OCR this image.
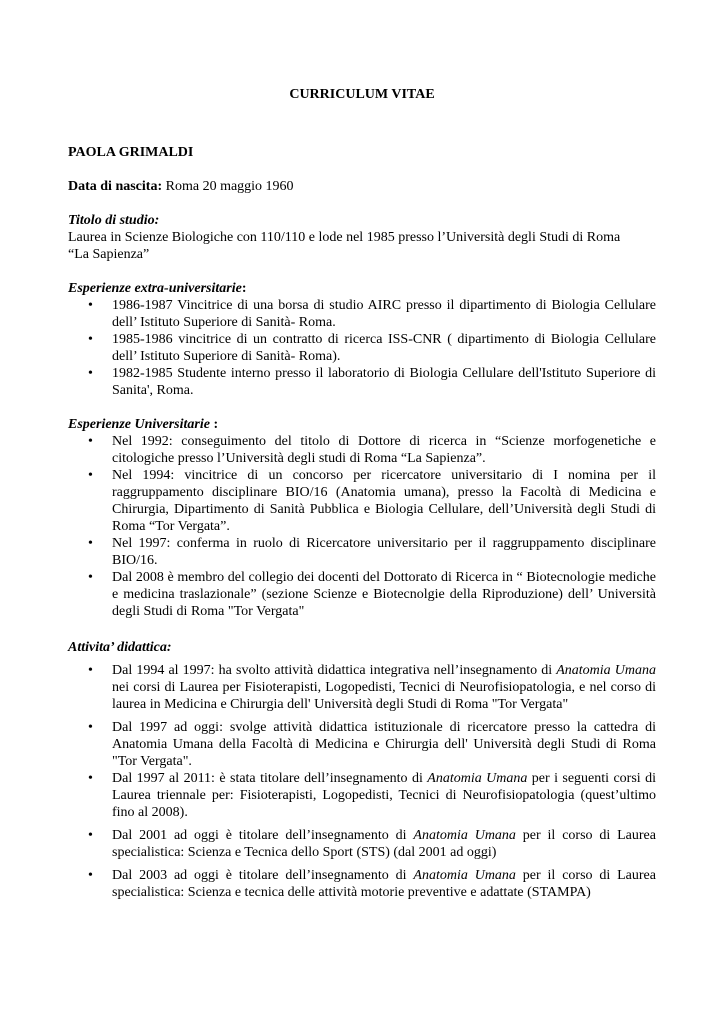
CURRICULUM VITAE

PAOLA GRIMALDI

Data di nascita: Roma 20 maggio 1960

Titolo di studio:

Laurea in Scienze Biologiche con 110/110 e lode nel 1985 presso l’Università degli Studi di Roma “La Sapienza”

Esperienze extra-universitarie:

• 1986-1987 Vincitrice di una borsa di studio AIRC presso il dipartimento di Biologia Cellulare dell’ Istituto Superiore di Sanità- Roma.
• 1985-1986 vincitrice di un contratto di ricerca ISS-CNR ( dipartimento di Biologia Cellulare dell’ Istituto Superiore di Sanità- Roma).
• 1982-1985 Studente interno presso il laboratorio di Biologia Cellulare dell'Istituto Superiore di Sanita', Roma.

Esperienze Universitarie :

• Nel 1992: conseguimento del titolo di Dottore di ricerca in “Scienze morfogenetiche e citologiche presso l’Università degli studi di Roma “La Sapienza”.
• Nel 1994: vincitrice di un concorso per ricercatore universitario di I nomina per il raggruppamento disciplinare BIO/16 (Anatomia umana), presso la Facoltà di Medicina e Chirurgia, Dipartimento di Sanità Pubblica e Biologia Cellulare, dell’Università degli Studi di Roma “Tor Vergata”.
• Nel 1997: conferma in ruolo di Ricercatore universitario per il raggruppamento disciplinare BIO/16.
• Dal 2008 è membro del collegio dei docenti del Dottorato di Ricerca in “ Biotecnologie mediche e medicina traslazionale” (sezione Scienze e Biotecnolgie della Riproduzione) dell’ Università degli Studi di Roma "Tor Vergata"

Attivita’ didattica:

• Dal 1994 al 1997: ha svolto attività didattica integrativa nell’insegnamento di Anatomia Umana nei corsi di Laurea per Fisioterapisti, Logopedisti, Tecnici di Neurofisiopatologia, e nel corso di laurea in Medicina e Chirurgia dell' Università degli Studi di Roma "Tor Vergata"
• Dal 1997 ad oggi: svolge attività didattica istituzionale di ricercatore presso la cattedra di Anatomia Umana della Facoltà di Medicina e Chirurgia dell' Università degli Studi di Roma "Tor Vergata".
• Dal 1997 al 2011: è stata titolare dell’insegnamento di Anatomia Umana per i seguenti corsi di Laurea triennale per: Fisioterapisti, Logopedisti, Tecnici di Neurofisiopatologia (quest’ultimo fino al 2008).
• Dal 2001 ad oggi è titolare dell’insegnamento di Anatomia Umana per il corso di Laurea specialistica: Scienza e Tecnica dello Sport (STS) (dal 2001 ad oggi)
• Dal 2003 ad oggi è titolare dell’insegnamento di Anatomia Umana per il corso di Laurea specialistica: Scienza e tecnica delle attività motorie preventive e adattate (STAMPA)
